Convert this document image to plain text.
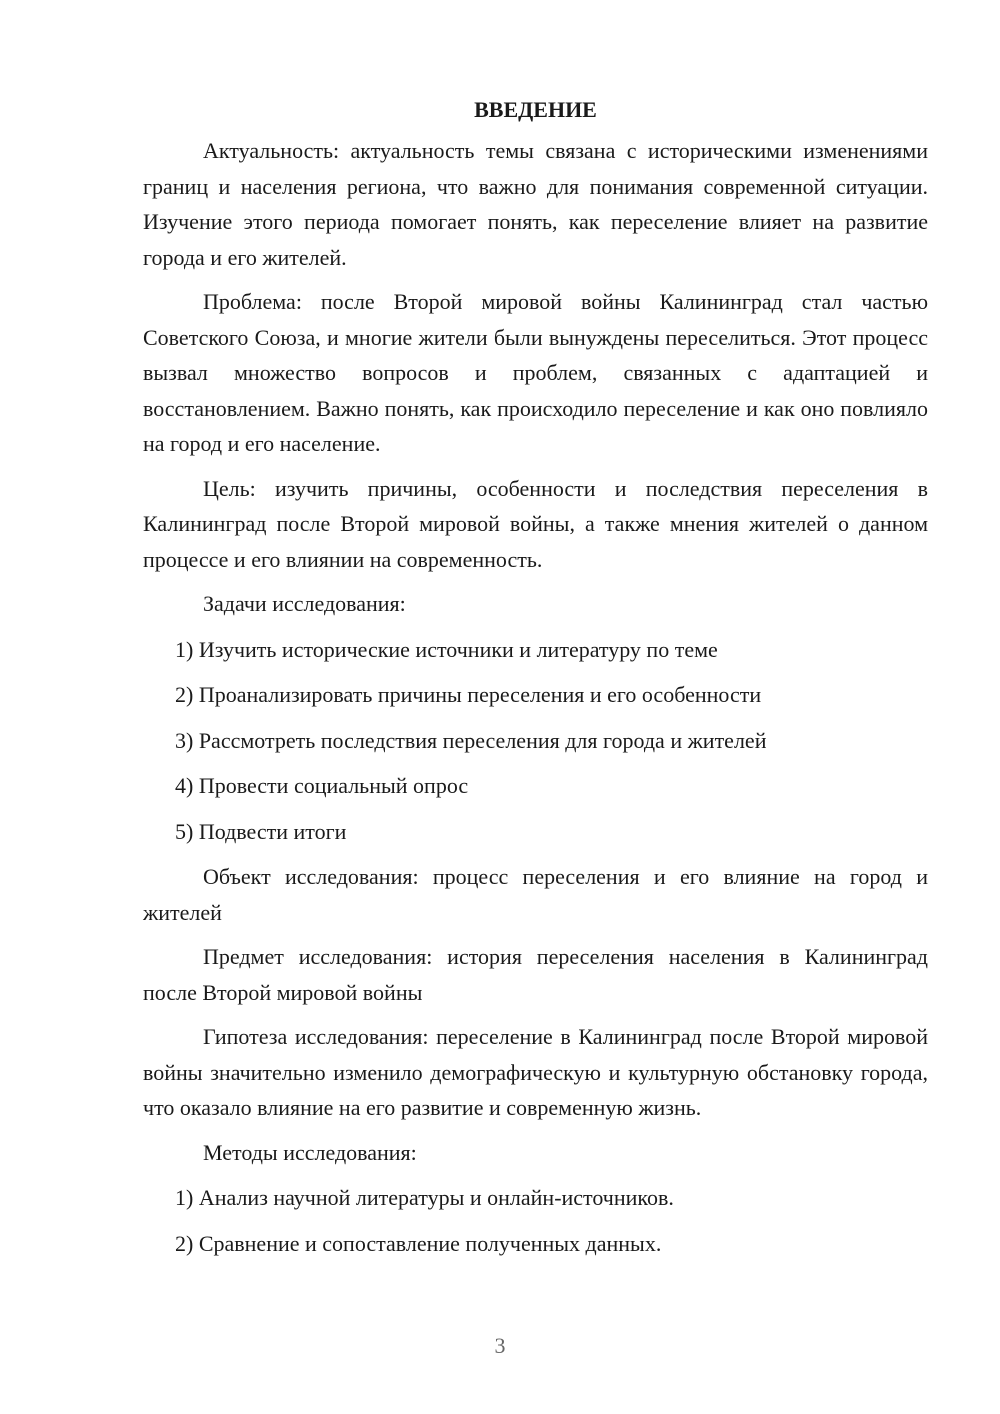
ВВЕДЕНИЕ

Актуальность: актуальность темы связана с историческими изменениями границ и населения региона, что важно для понимания современной ситуации. Изучение этого периода помогает понять, как переселение влияет на развитие города и его жителей.

Проблема: после Второй мировой войны Калининград стал частью Советского Союза, и многие жители были вынуждены переселиться. Этот процесс вызвал множество вопросов и проблем, связанных с адаптацией и восстановлением. Важно понять, как происходило переселение и как оно повлияло на город и его население.

Цель: изучить причины, особенности и последствия переселения в Калининград после Второй мировой войны, а также мнения жителей о данном процессе и его влиянии на современность.

Задачи исследования:

1) Изучить исторические источники и литературу по теме
2) Проанализировать причины переселения и его особенности
3) Рассмотреть последствия переселения для города и жителей
4) Провести социальный опрос
5) Подвести итоги

Объект исследования: процесс переселения и его влияние на город и жителей

Предмет исследования: история переселения населения в Калининград после Второй мировой войны

Гипотеза исследования: переселение в Калининград после Второй мировой войны значительно изменило демографическую и культурную обстановку города, что оказало влияние на его развитие и современную жизнь.

Методы исследования:

1) Анализ научной литературы и онлайн-источников.
2) Сравнение и сопоставление полученных данных.
3
